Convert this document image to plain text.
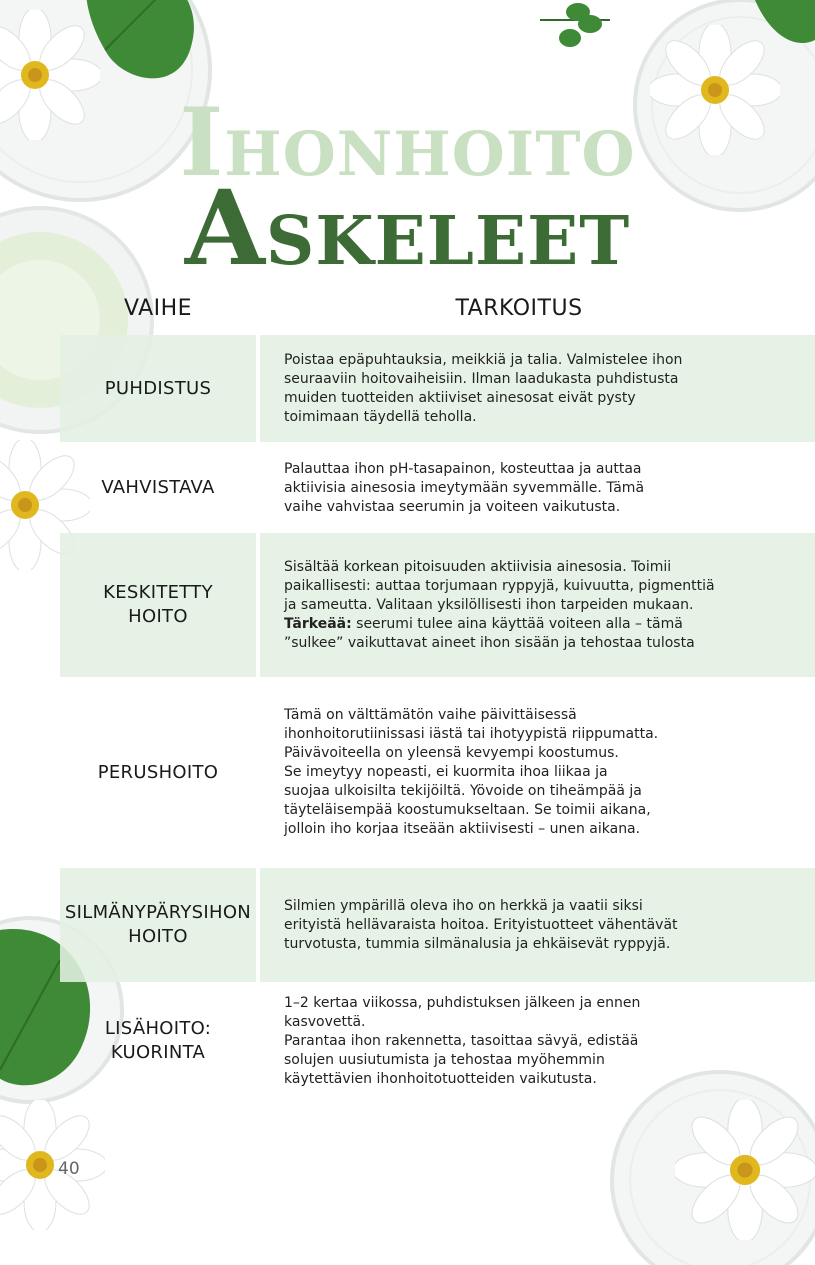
IHONHOITO
ASKELEET
VAIHE	TARKOITUS
PUHDISTUS

Poistaa epäpuhtauksia, meikkiä ja talia. Valmistelee ihon
seuraaviin hoitovaiheisiin. Ilman laadukasta puhdistusta
muiden tuotteiden aktiiviset ainesosat eivät pysty
toimimaan täydellä teholla.

VAHVISTAVA

Palauttaa ihon pH-tasapainon, kosteuttaa ja auttaa
aktiivisia ainesosia imeytymään syvemmälle. Tämä
vaihe vahvistaa seerumin ja voiteen vaikutusta.

KESKITETTY
HOITO

Sisältää korkean pitoisuuden aktiivisia ainesosia. Toimii
paikallisesti: auttaa torjumaan ryppyjä, kuivuutta, pigmenttiä
ja sameutta. Valitaan yksilöllisesti ihon tarpeiden mukaan.
Tärkeää: seerumi tulee aina käyttää voiteen alla – tämä
”sulkee” vaikuttavat aineet ihon sisään ja tehostaa tulosta

PERUSHOITO

Tämä on välttämätön vaihe päivittäisessä
ihonhoitorutiinissasi iästä tai ihotyypistä riippumatta.
Päivävoiteella on yleensä kevyempi koostumus.
Se imeytyy nopeasti, ei kuormita ihoa liikaa ja
suojaa ulkoisilta tekijöiltä. Yövoide on tiheämpää ja
täyteläisempää koostumukseltaan. Se toimii aikana,
jolloin iho korjaa itseään aktiivisesti – unen aikana.

SILMÄNYPÄRYSIHON
HOITO

Silmien ympärillä oleva iho on herkkä ja vaatii siksi
erityistä hellävaraista hoitoa. Erityistuotteet vähentävät
turvotusta, tummia silmänalusia ja ehkäisevät ryppyjä.

LISÄHOITO:
KUORINTA

1–2 kertaa viikossa, puhdistuksen jälkeen ja ennen
kasvovettä.
Parantaa ihon rakennetta, tasoittaa sävyä, edistää
solujen uusiutumista ja tehostaa myöhemmin
käytettävien ihonhoitotuotteiden vaikutusta.

40
